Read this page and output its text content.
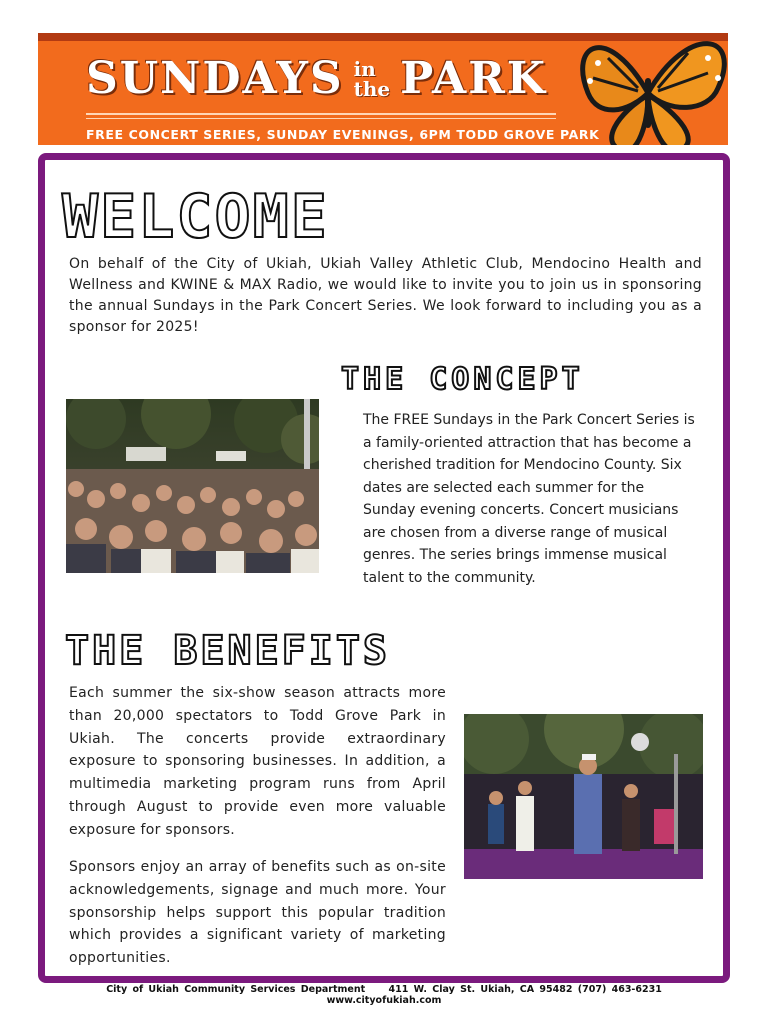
SUNDAYS in
the PARK
FREE CONCERT SERIES, SUNDAY EVENINGS, 6PM TODD GROVE PARK
WELCOME
On behalf of the City of Ukiah, Ukiah Valley Athletic Club, Mendocino Health and Wellness and KWINE & MAX Radio, we would like to invite you to join us in sponsoring the annual Sundays in the Park Concert Series. We look forward to including you as a sponsor for 2025!
THE CONCEPT
The FREE Sundays in the Park Concert Series is a family-oriented attraction that has become a cherished tradition for Mendocino County. Six dates are selected each summer for the Sunday evening concerts. Concert musicians are chosen from a diverse range of musical genres. The series brings immense musical talent to the community.
THE BENEFITS
Each summer the six-show season attracts more than 20,000 spectators to Todd Grove Park in Ukiah. The concerts provide extraordinary exposure to sponsoring businesses. In addition, a multimedia marketing program runs from April through August to provide even more valuable exposure for sponsors.
Sponsors enjoy an array of benefits such as on-site acknowledgements, signage and much more. Your sponsorship helps support this popular tradition which provides a significant variety of marketing opportunities.
City of Ukiah Community Services Department 411 W. Clay St. Ukiah, CA 95482 (707) 463-6231 www.cityofukiah.com
